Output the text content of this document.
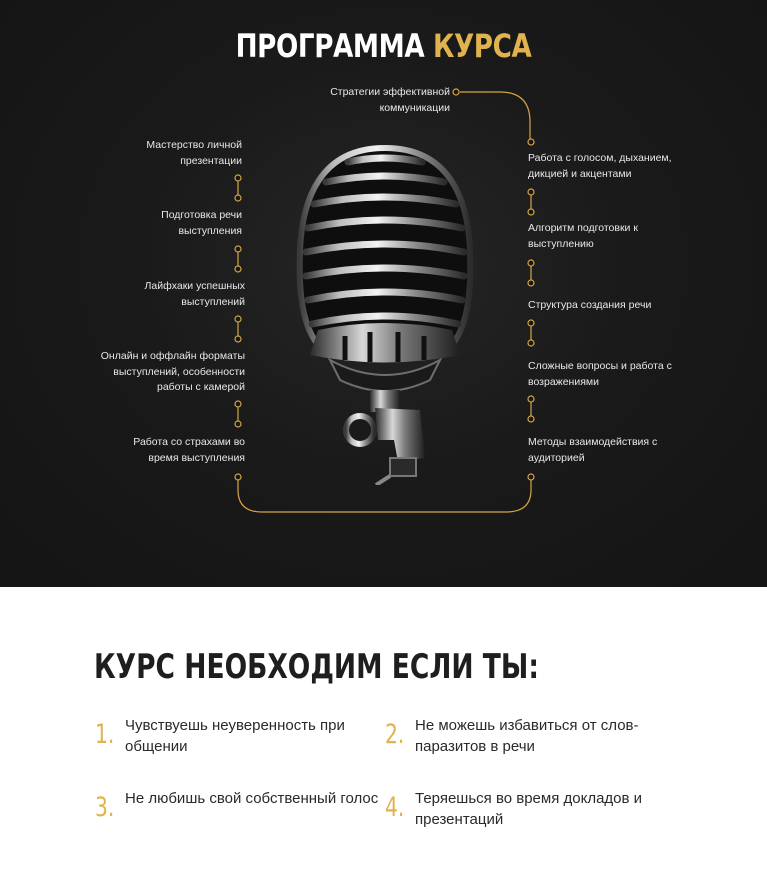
ПРОГРАММА КУРСА
Стратегии эффективной коммуникации
Мастерство личной презентации
Подготовка речи выступления
Лайфхаки успешных выступлений
Онлайн и оффлайн форматы выступлений, особенности работы с камерой
Работа со страхами во время выступления
Работа с голосом, дыханием, дикцией и акцентами
Алгоритм подготовки к выступлению
Структура создания речи
Сложные вопросы и работа с возражениями
Методы взаимодействия с аудиторией
КУРС НЕОБХОДИМ ЕСЛИ ТЫ:
1. Чувствуешь неуверенность при общении	2. Не можешь избавиться от слов-паразитов в речи
3. Не любишь свой собственный голос 4. Теряешься во время докладов и презентаций
